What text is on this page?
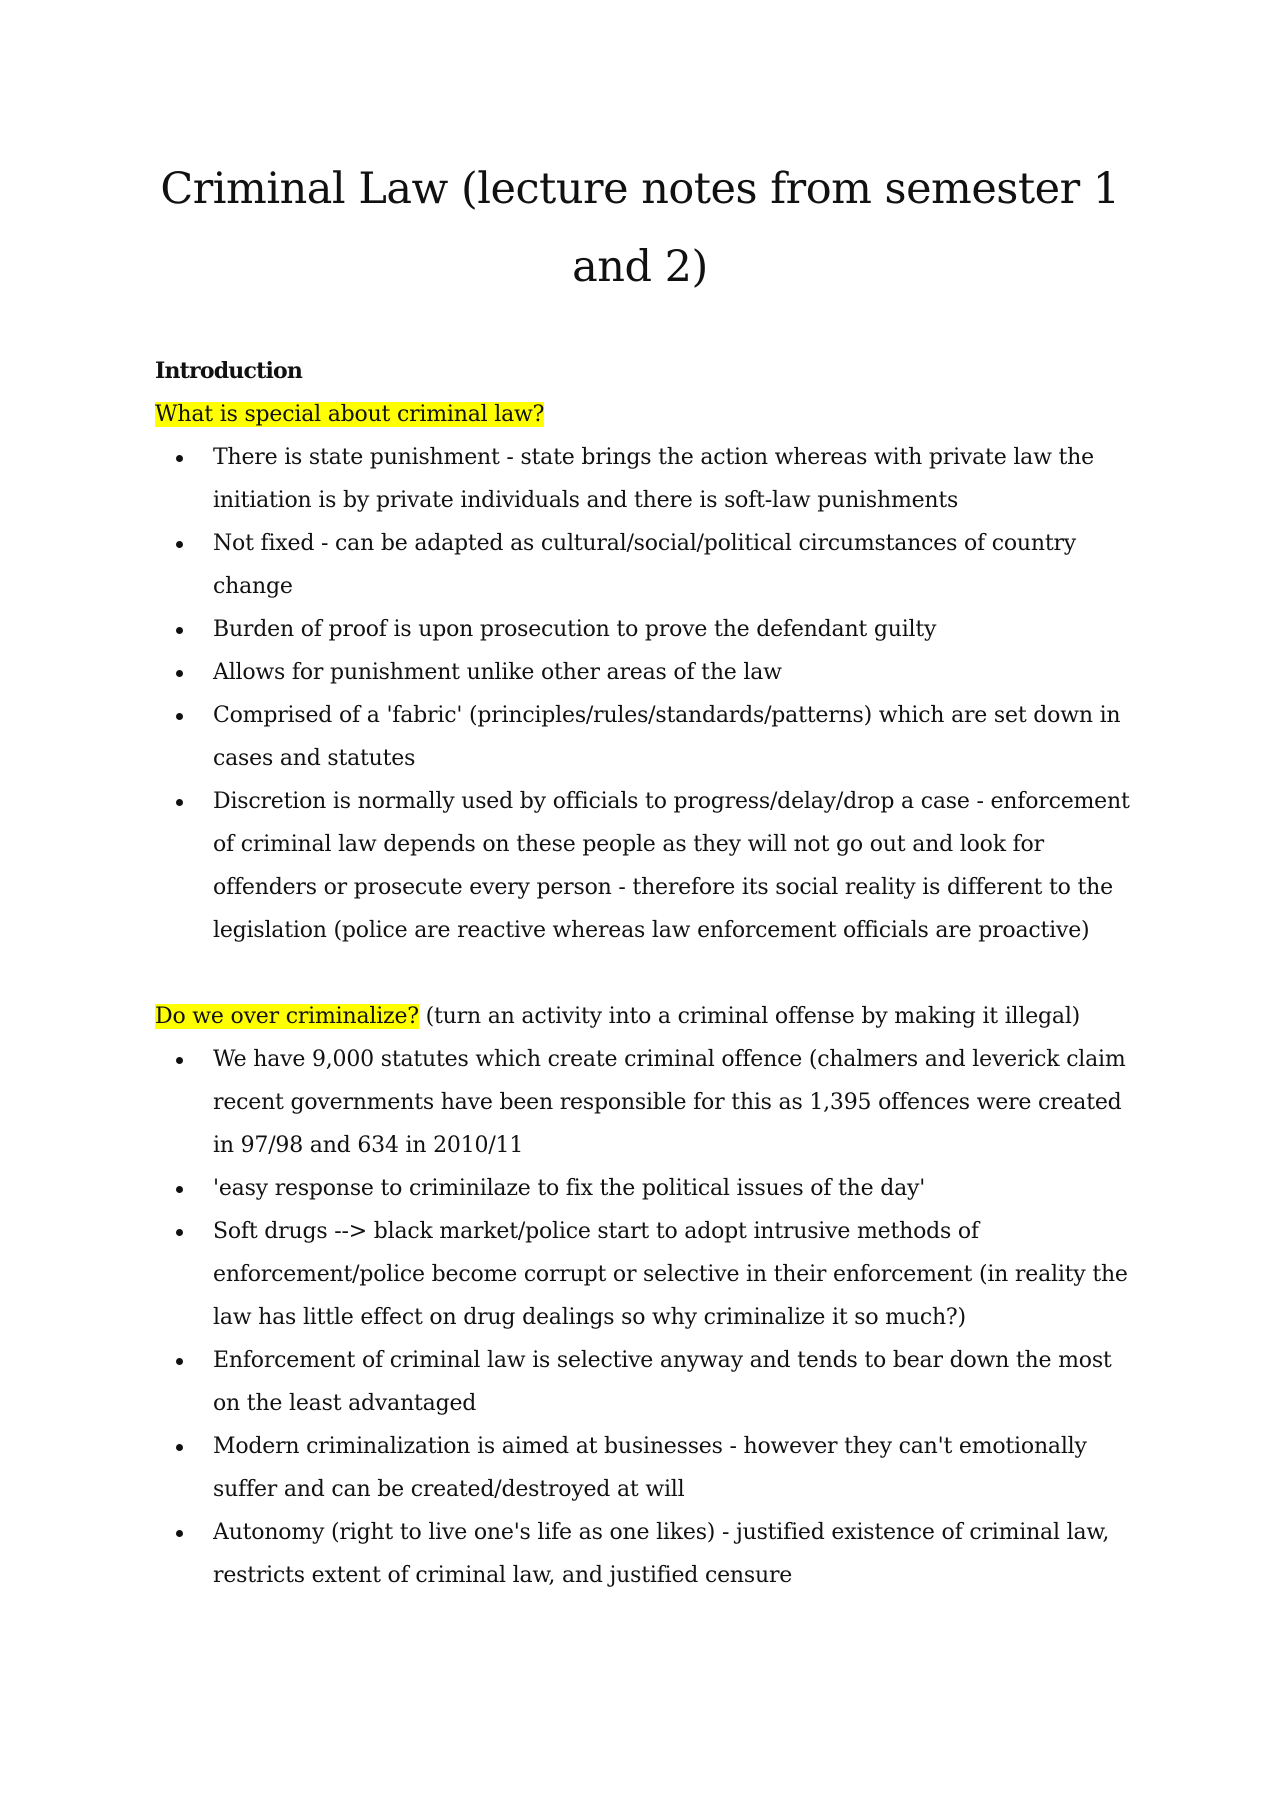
Criminal Law (lecture notes from semester 1
and 2)

Introduction

What is special about criminal law?

There is state punishment - state brings the action whereas with private law the initiation is by private individuals and there is soft-law punishments
Not fixed - can be adapted as cultural/social/political circumstances of country change
Burden of proof is upon prosecution to prove the defendant guilty
Allows for punishment unlike other areas of the law
Comprised of a 'fabric' (principles/rules/standards/patterns) which are set down in cases and statutes
Discretion is normally used by officials to progress/delay/drop a case - enforcement of criminal law depends on these people as they will not go out and look for offenders or prosecute every person - therefore its social reality is different to the legislation (police are reactive whereas law enforcement officials are proactive)

Do we over criminalize? (turn an activity into a criminal offense by making it illegal)

We have 9,000 statutes which create criminal offence (chalmers and leverick claim recent governments have been responsible for this as 1,395 offences were created in 97/98 and 634 in 2010/11
'easy response to criminilaze to fix the political issues of the day'
Soft drugs --> black market/police start to adopt intrusive methods of enforcement/police become corrupt or selective in their enforcement (in reality the law has little effect on drug dealings so why criminalize it so much?)
Enforcement of criminal law is selective anyway and tends to bear down the most on the least advantaged
Modern criminalization is aimed at businesses - however they can't emotionally suffer and can be created/destroyed at will
Autonomy (right to live one's life as one likes) - justified existence of criminal law, restricts extent of criminal law, and justified censure
